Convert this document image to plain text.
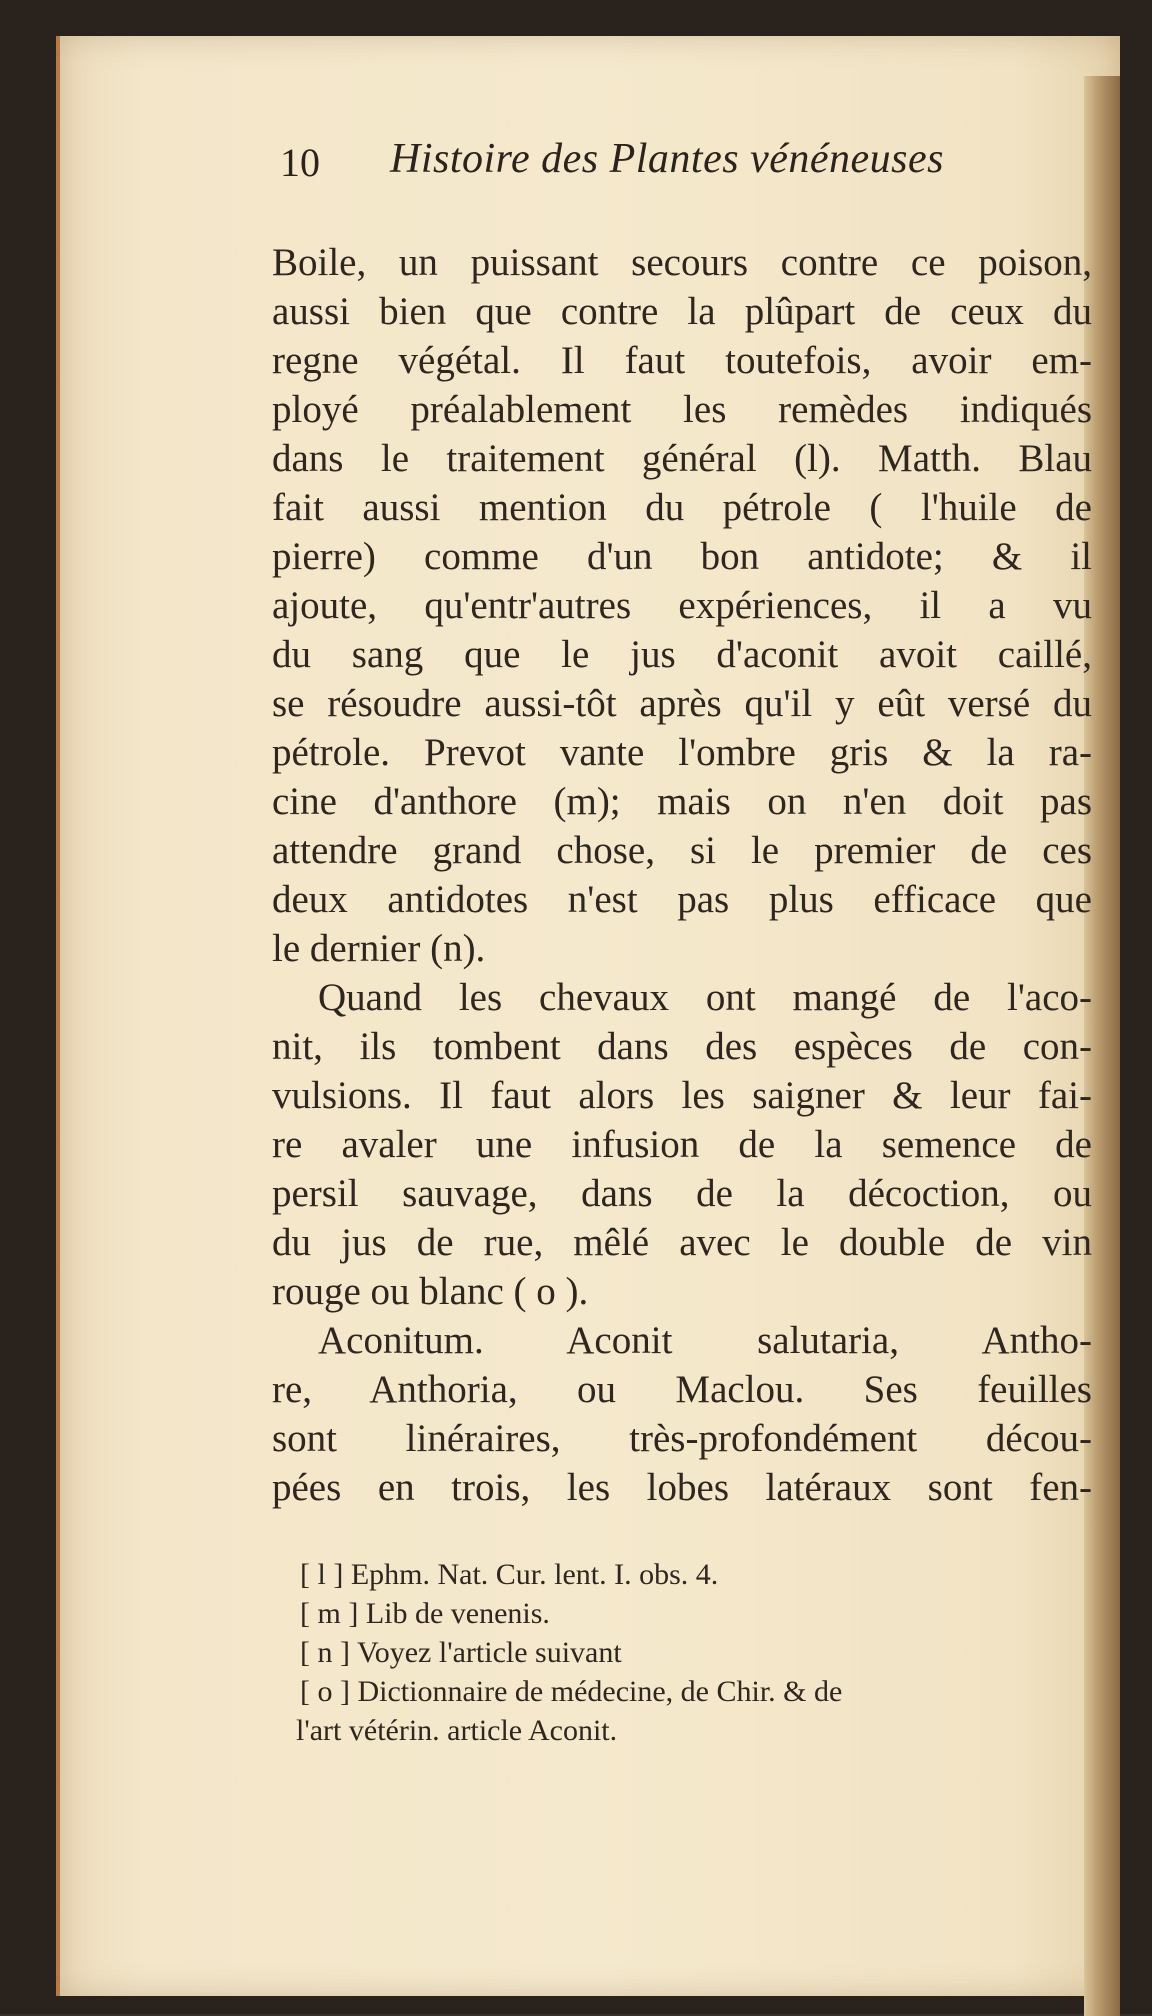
10 Histoire des Plantes vénéneuses
Boile, un puissant secours contre ce poison,
aussi bien que contre la plûpart de ceux du
regne végétal. Il faut toutefois, avoir em-
ployé préalablement les remèdes indiqués
dans le traitement général (l). Matth. Blau
fait aussi mention du pétrole ( l'huile de
pierre) comme d'un bon antidote; & il
ajoute, qu'entr'autres expériences, il a vu
du sang que le jus d'aconit avoit caillé,
se résoudre aussi-tôt après qu'il y eût versé du
pétrole. Prevot vante l'ombre gris & la ra-
cine d'anthore (m); mais on n'en doit pas
attendre grand chose, si le premier de ces
deux antidotes n'est pas plus efficace que
le dernier (n).
Quand les chevaux ont mangé de l'aco-
nit, ils tombent dans des espèces de con-
vulsions. Il faut alors les saigner & leur fai-
re avaler une infusion de la semence de
persil sauvage, dans de la décoction, ou
du jus de rue, mêlé avec le double de vin
rouge ou blanc ( o ).
Aconitum. Aconit salutaria, Antho-
re, Anthoria, ou Maclou. Ses feuilles
sont linéraires, très-profondément décou-
pées en trois, les lobes latéraux sont fen-
[ l ] Ephm. Nat. Cur. lent. I. obs. 4.
[ m ] Lib de venenis.
[ n ] Voyez l'article suivant
[ o ] Dictionnaire de médecine, de Chir. & de
l'art vétérin. article Aconit.
